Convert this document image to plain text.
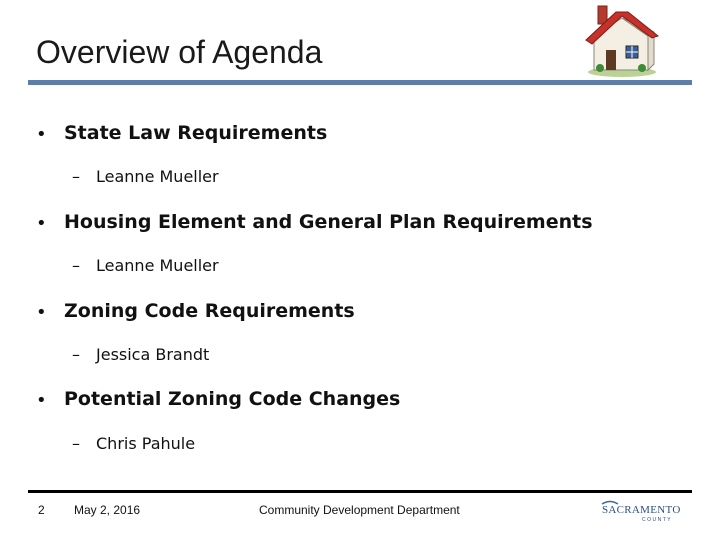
Overview of Agenda
• State Law Requirements
– Leanne Mueller
• Housing Element and General Plan Requirements
– Leanne Mueller
• Zoning Code Requirements
– Jessica Brandt
• Potential Zoning Code Changes
– Chris Pahule
2 May 2, 2016	Community Development Department	SACRAMENTO
COUNTY
